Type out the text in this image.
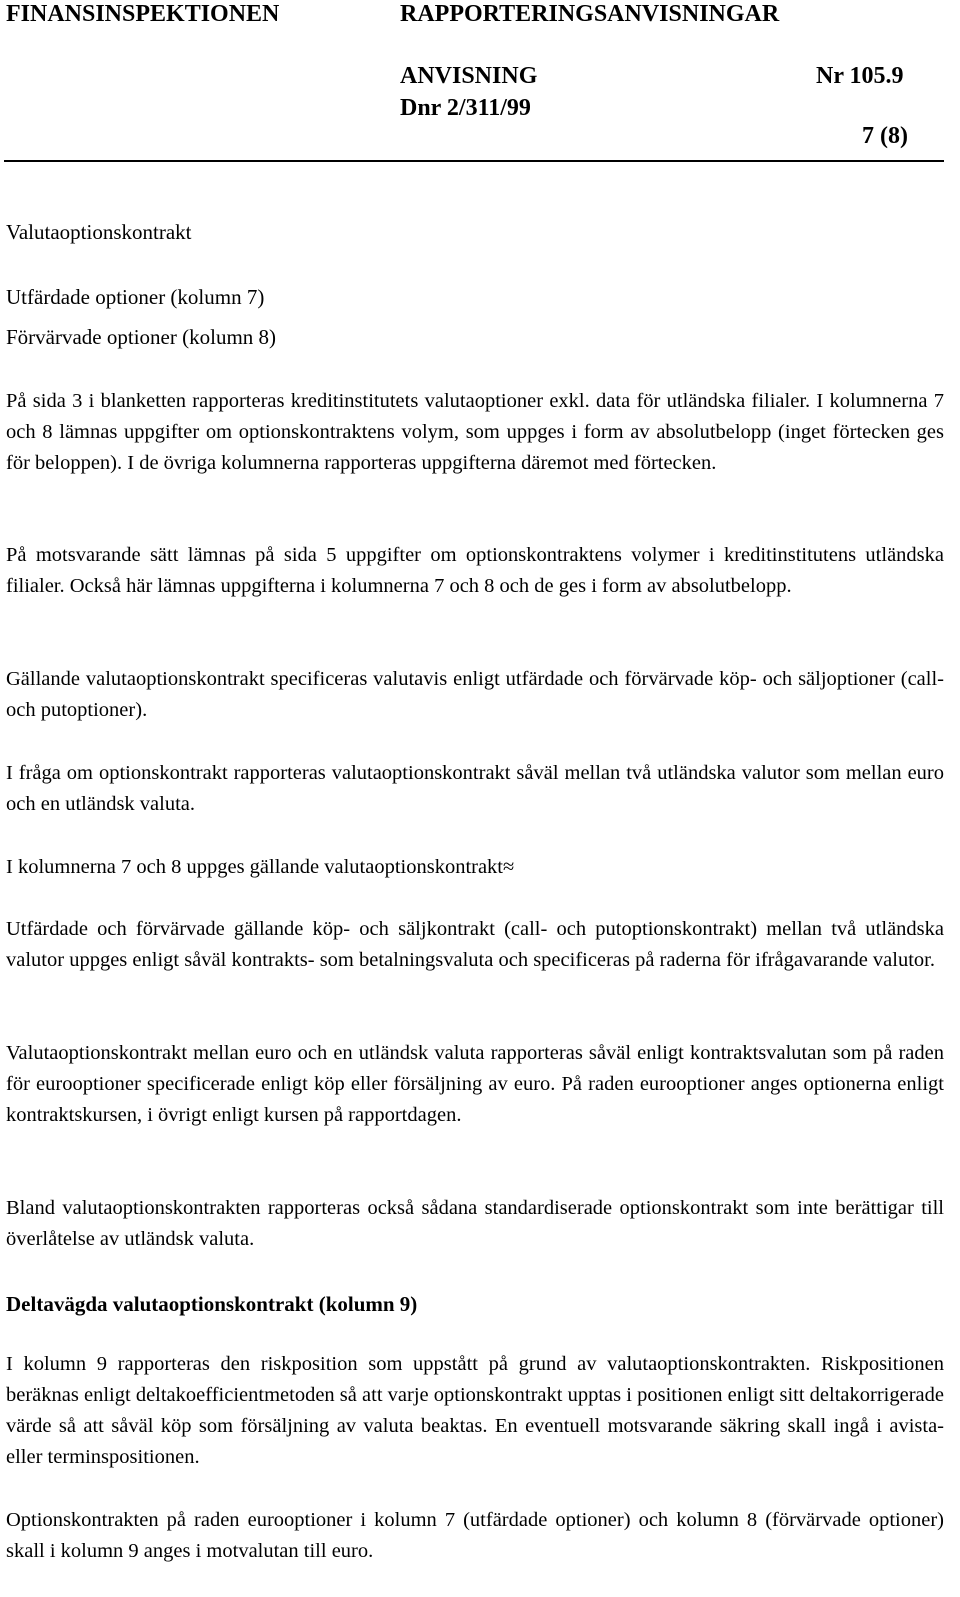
FINANSINSPEKTIONEN	RAPPORTERINGSANVISNINGAR
ANVISNING	Nr 105.9
Dnr 2/311/99
7 (8)
Valutaoptionskontrakt
Utfärdade optioner (kolumn 7)
Förvärvade optioner (kolumn 8)
På sida 3 i blanketten rapporteras kreditinstitutets valutaoptioner exkl. data för utländska filialer. I kolumnerna 7 och 8 lämnas uppgifter om optionskontraktens volym, som uppges i form av absolutbelopp (inget förtecken ges för beloppen). I de övriga kolumnerna rapporteras uppgifterna däremot med förtecken.
På motsvarande sätt lämnas på sida 5 uppgifter om optionskontraktens volymer i kreditinstitutens utländska filialer. Också här lämnas uppgifterna i kolumnerna 7 och 8 och de ges i form av absolutbelopp.
Gällande valutaoptionskontrakt specificeras valutavis enligt utfärdade och förvärvade köp- och säljoptioner (call- och putoptioner).
I fråga om optionskontrakt rapporteras valutaoptionskontrakt såväl mellan två utländska valutor som mellan euro och en utländsk valuta.
I kolumnerna 7 och 8 uppges gällande valutaoptionskontrakt≈
Utfärdade och förvärvade gällande köp- och säljkontrakt (call- och putoptionskontrakt) mellan två utländska valutor uppges enligt såväl kontrakts- som betalningsvaluta och specificeras på raderna för ifrågavarande valutor.
Valutaoptionskontrakt mellan euro och en utländsk valuta rapporteras såväl enligt kontraktsvalutan som på raden för eurooptioner specificerade enligt köp eller försäljning av euro. På raden eurooptioner anges optionerna enligt kontraktskursen, i övrigt enligt kursen på rapportdagen.
Bland valutaoptionskontrakten rapporteras också sådana standardiserade optionskontrakt som inte berättigar till överlåtelse av utländsk valuta.
Deltavägda valutaoptionskontrakt (kolumn 9)
I kolumn 9 rapporteras den riskposition som uppstått på grund av valutaoptionskontrakten. Riskpositionen beräknas enligt deltakoefficientmetoden så att varje optionskontrakt upptas i positionen enligt sitt deltakorrigerade värde så att såväl köp som försäljning av valuta beaktas. En eventuell motsvarande säkring skall ingå i avista- eller terminspositionen.
Optionskontrakten på raden eurooptioner i kolumn 7 (utfärdade optioner) och kolumn 8 (förvärvade optioner) skall i kolumn 9 anges i motvalutan till euro.
